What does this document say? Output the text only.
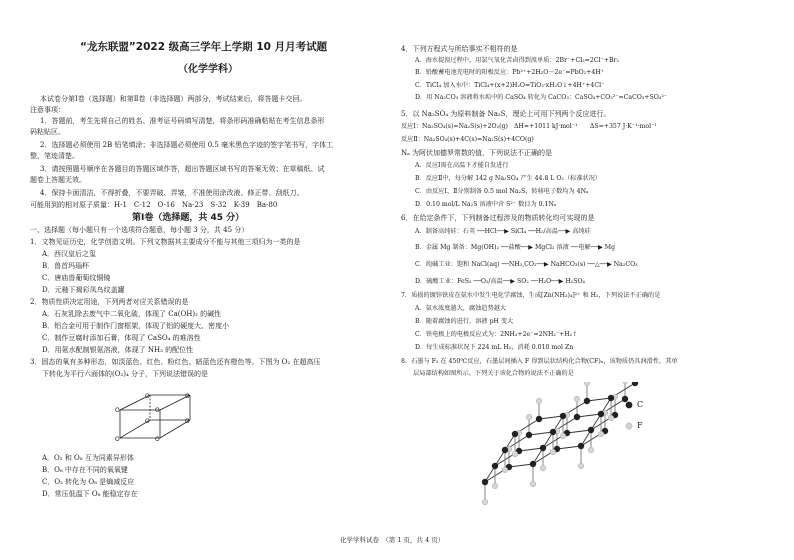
“龙东联盟”2022 级高三学年上学期 10 月月考试题
（化学学科）
本试卷分第Ⅰ卷（选择题）和第Ⅱ卷（非选择题）两部分，考试结束后，将答题卡交回。
注意事项：
1．答题前，考生先将自己的姓名、准考证号码填写清楚，将条形码准确粘贴在考生信息条形
码粘贴区。
2．选择题必须使用 2B 铅笔填涂；非选择题必须使用 0.5 毫米黑色字迹的签字笔书写，字体工
整、笔迹清楚。
3．请按照题号顺序在各题目的答题区域作答，超出答题区域书写的答案无效；在草稿纸、试
题卷上答题无效。
4．保持卡面清洁，不得折叠，不要弄破、弄皱，不准使用涂改液、修正带、刮纸刀。
可能用到的相对原子质量：H-1　C-12　O-16　Na-23　S-32　K-39　Ba-80
第Ⅰ卷（选择题，共 45 分）
一、选择题（每小题只有一个选项符合题意，每小题 3 分，共 45 分）
1．文物见证历史，化学创造文明。下列文物据其主要成分不能与其他三项归为一类的是
A．西汉皇后之玺
B．兽首玛瑙杯
C．唐庙兽葡萄纹铜镜
D．元釉下褐彩凤鸟纹盖罐
2．物质性质决定用途，下列两者对应关系错误的是
A．石灰乳除去废气中二氧化硫，体现了 Ca(OH)₂ 的碱性
B．铝合金可用于制作门窗框架，体现了铝的硬度大、密度小
C．制作豆腐时添加石膏，体现了 CaSO₄ 的难溶性
D．用氨水配制银氨溶液，体现了 NH₃ 的配位性
3．固态的氧有多种形态，如淡蓝色、红色、粉红色、暗蓝色还有橙色等。下图为 O₂ 在超高压
下转化为平行六面体的(O₂)₄ 分子，下列说法错误的是
O	O
O	O
O	O
O	O
A．O₂ 和 O₈ 互为同素异形体
B．O₈ 中存在不同的氧氧键
C．O₂ 转化为 O₈ 是熵减反应
D．常压低温下 O₈ 能稳定存在
4．下列方程式与所给事实不相符的是
A．海水提溴过程中，用氯气氧化苦卤得到溴单质：2Br⁻+Cl₂=2Cl⁻+Br₂
B．铅酸蓄电池充电时的阳极反应：Pb²⁺+2H₂O－2e⁻=PbO₂+4H⁺
C．TiCl₄ 加入水中：TiCl₄+(x+2)H₂O=TiO₂·xH₂O↓+4H⁺+4Cl⁻
D．用 Na₂CO₃ 溶液将水垢中的 CaSO₄ 转化为 CaCO₃：CaSO₄+CO₃²⁻=CaCO₃+SO₄²⁻
5．以 Na₂SO₄ 为原料制备 Na₂S，理论上可用下列两个反应进行。
反应Ⅰ：Na₂SO₄(s)=Na₂S(s)+2O₂(g)　ΔH=+1011 kJ·mol⁻¹　　ΔS=+357 J·K⁻¹·mol⁻¹
反应Ⅱ：Na₂SO₄(s)+4C(s)=Na₂S(s)+4CO(g)
Nₐ 为阿伏加德罗常数的值，下列说法不正确的是
A．反应Ⅰ需在高温下才能自发进行
B．反应Ⅱ中，每分解 142 g Na₂SO₄ 产生 44.8 L O₂（标准状况）
C．由反应Ⅰ、Ⅱ分别制备 0.5 mol Na₂S，转移电子数均为 4Nₐ
D．0.10 mol/L Na₂S 溶液中含 S²⁻ 数目为 0.1Nₐ
6．在给定条件下，下列制备过程涉及的物质转化均可实现的是
A．制备高纯硅：石英 ──HCl──▶ SiCl₄ ──H₂/高温──▶ 高纯硅
B．金属 Mg 制备：Mg(OH)₂ ──盐酸──▶ MgCl₂ 溶液 ──电解──▶ Mg
C．纯碱工业：饱和 NaCl(aq) ──NH₃,CO₂──▶ NaHCO₃(s) ──△──▶ Na₂CO₃
D．硫酸工业：FeS₂ ──O₂/高温──▶ SO₂ ──H₂O──▶ H₂SO₄
7．质损的镀锌铁皮在氨水中发生电化学腐蚀，生成[Zn(NH₃)₄]²⁺ 和 H₂，下列说法不正确的是
A．氨水浓度越大，腐蚀趋势越大
B．随着腐蚀的进行，溶液 pH 变大
C．铁电极上的电极反应式为：2NH₃+2e⁻=2NH₂⁻+H₂↑
D．每生成标准状况下 224 mL H₂，消耗 0.010 mol Zn
8．石墨与 F₂ 在 450℃反应，石墨层间插入 F 得到层状结构化合物(CF)ₓ，该物质仍具润滑性，其单
层局部结构如图所示。下列关于该化合物的说法不正确的是
C
F
化学学科试卷　（第 1 页，共 4 页）
